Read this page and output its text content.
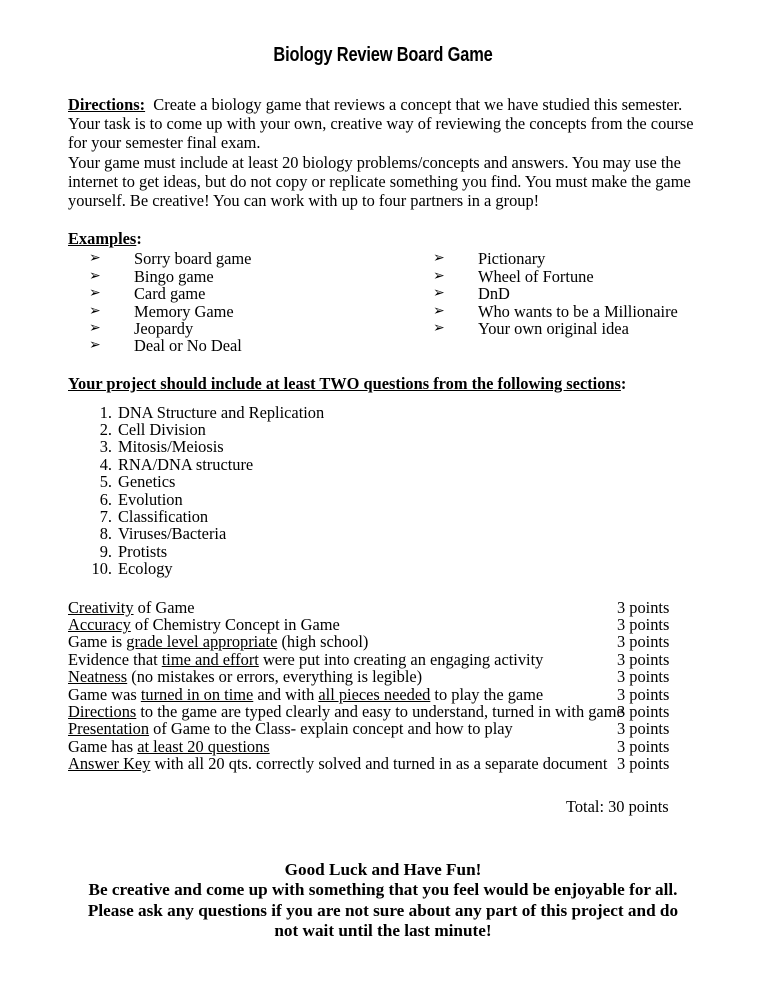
Biology Review Board Game

Directions: Create a biology game that reviews a concept that we have studied this semester. Your task is to come up with your own, creative way of reviewing the concepts from the course for your semester final exam.

Your game must include at least 20 biology problems/concepts and answers. You may use the internet to get ideas, but do not copy or replicate something you find. You must make the game yourself. Be creative! You can work with up to four partners in a group!

Examples:

➢ Sorry board game
➢ Bingo game
➢ Card game
➢ Memory Game
➢ Jeopardy
➢ Deal or No Deal
➢ Pictionary
➢ Wheel of Fortune
➢ DnD
➢ Who wants to be a Millionaire
➢ Your own original idea

Your project should include at least TWO questions from the following sections:

1. DNA Structure and Replication
2. Cell Division
3. Mitosis/Meiosis
4. RNA/DNA structure
5. Genetics
6. Evolution
7. Classification
8. Viruses/Bacteria
9. Protists
10. Ecology
Creativity of Game	3 points
Accuracy of Chemistry Concept in Game	3 points
Game is grade level appropriate (high school)	3 points
Evidence that time and effort were put into creating an engaging activity	3 points
Neatness (no mistakes or errors, everything is legible)	3 points
Game was turned in on time and with all pieces needed to play the game	3 points
Directions to the game are typed clearly and easy to understand, turned in with game
3 points
Presentation of Game to the Class- explain concept and how to play	3 points
Game has at least 20 questions	3 points
Answer Key with all 20 qts. correctly solved and turned in as a separate document 3 points
Total: 30 points
Good Luck and Have Fun!
Be creative and come up with something that you feel would be enjoyable for all.
Please ask any questions if you are not sure about any part of this project and do
not wait until the last minute!
